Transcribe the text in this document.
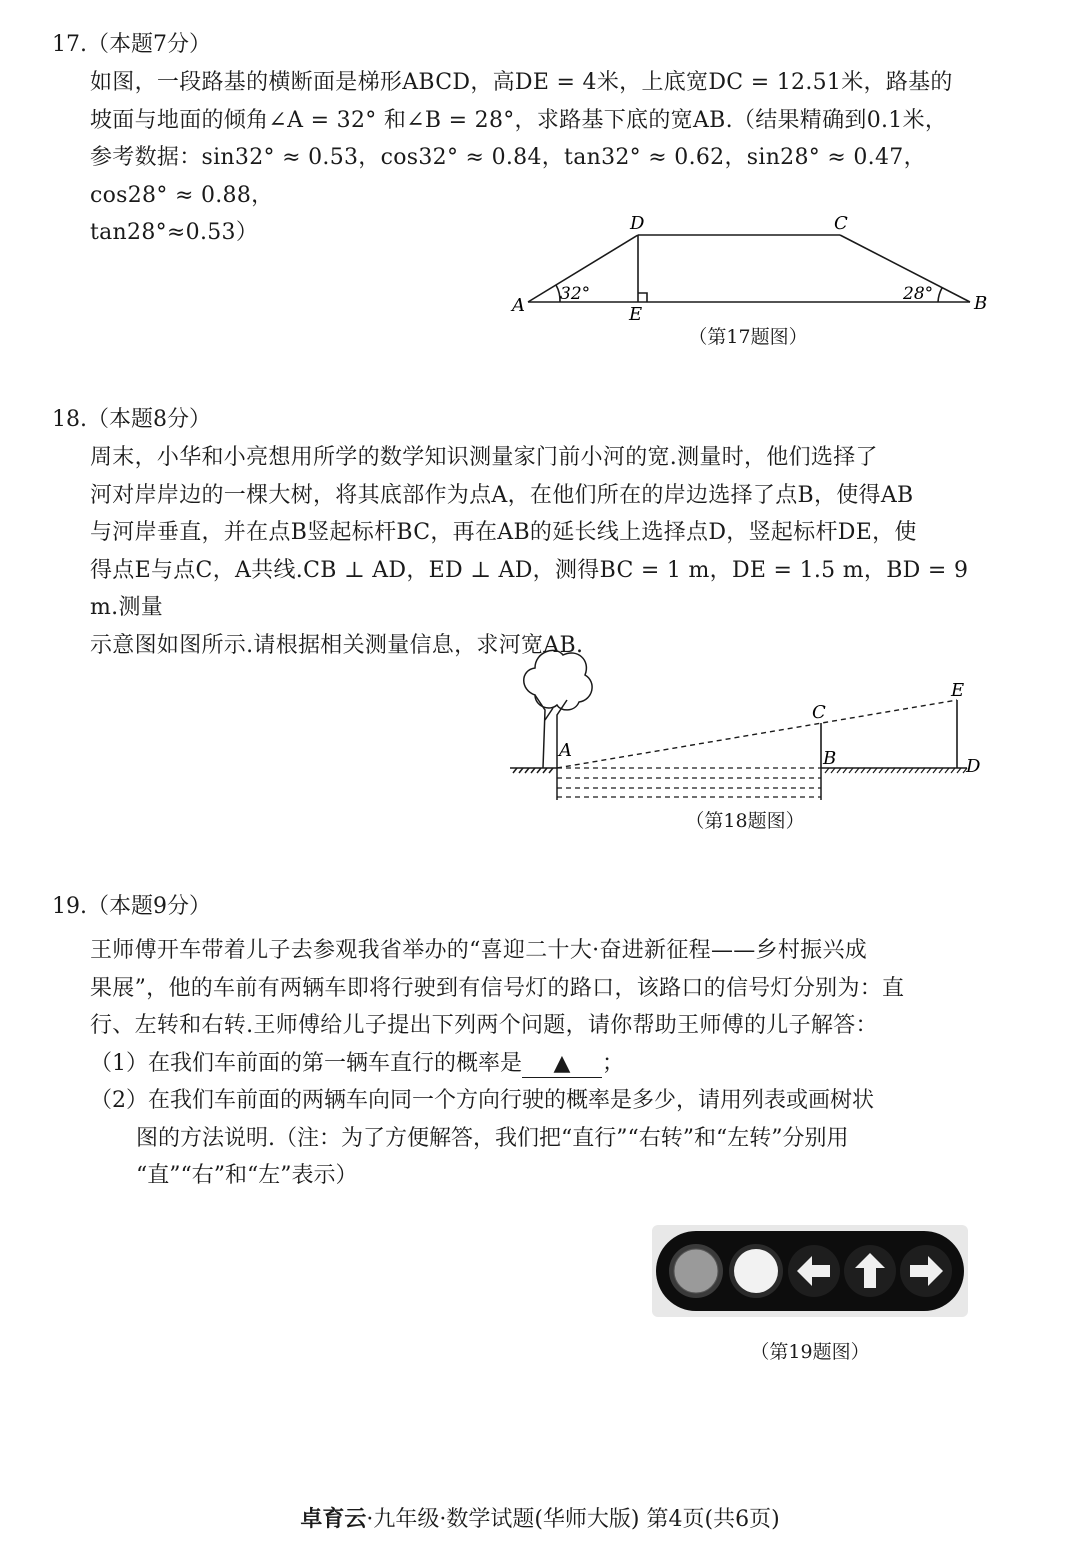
17.（本题7分）

如图，一段路基的横断面是梯形ABCD，高DE = 4米，上底宽DC = 12.51米，路基的

坡面与地面的倾角∠A = 32° 和∠B = 28°，求路基下底的宽AB.（结果精确到0.1米，

参考数据：sin32° ≈ 0.53，cos32° ≈ 0.84，tan32° ≈ 0.62，sin28° ≈ 0.47，cos28° ≈ 0.88，

tan28°≈0.53）

A	B
C
D
E
32°	28°
（第17题图）
18.（本题8分）

周末，小华和小亮想用所学的数学知识测量家门前小河的宽.测量时，他们选择了

河对岸岸边的一棵大树，将其底部作为点A，在他们所在的岸边选择了点B，使得AB

与河岸垂直，并在点B竖起标杆BC，再在AB的延长线上选择点D，竖起标杆DE，使

得点E与点C，A共线.CB ⊥ AD，ED ⊥ AD，测得BC = 1 m，DE = 1.5 m，BD = 9 m.测量

示意图如图所示.请根据相关测量信息，求河宽AB.

A	B
C
D
E
（第18题图）
19.（本题9分）

王师傅开车带着儿子去参观我省举办的“喜迎二十大·奋进新征程——乡村振兴成

果展”，他的车前有两辆车即将行驶到有信号灯的路口，该路口的信号灯分别为：直

行、左转和右转.王师傅给儿子提出下列两个问题，请你帮助王师傅的儿子解答：

（1）在我们车前面的第一辆车直行的概率是 ▲ ；

（2）在我们车前面的两辆车向同一个方向行驶的概率是多少，请用列表或画树状

图的方法说明.（注：为了方便解答，我们把“直行”“右转”和“左转”分别用

“直”“右”和“左”表示）

（第19题图）
卓育云·九年级·数学试题(华师大版) 第4页(共6页)
